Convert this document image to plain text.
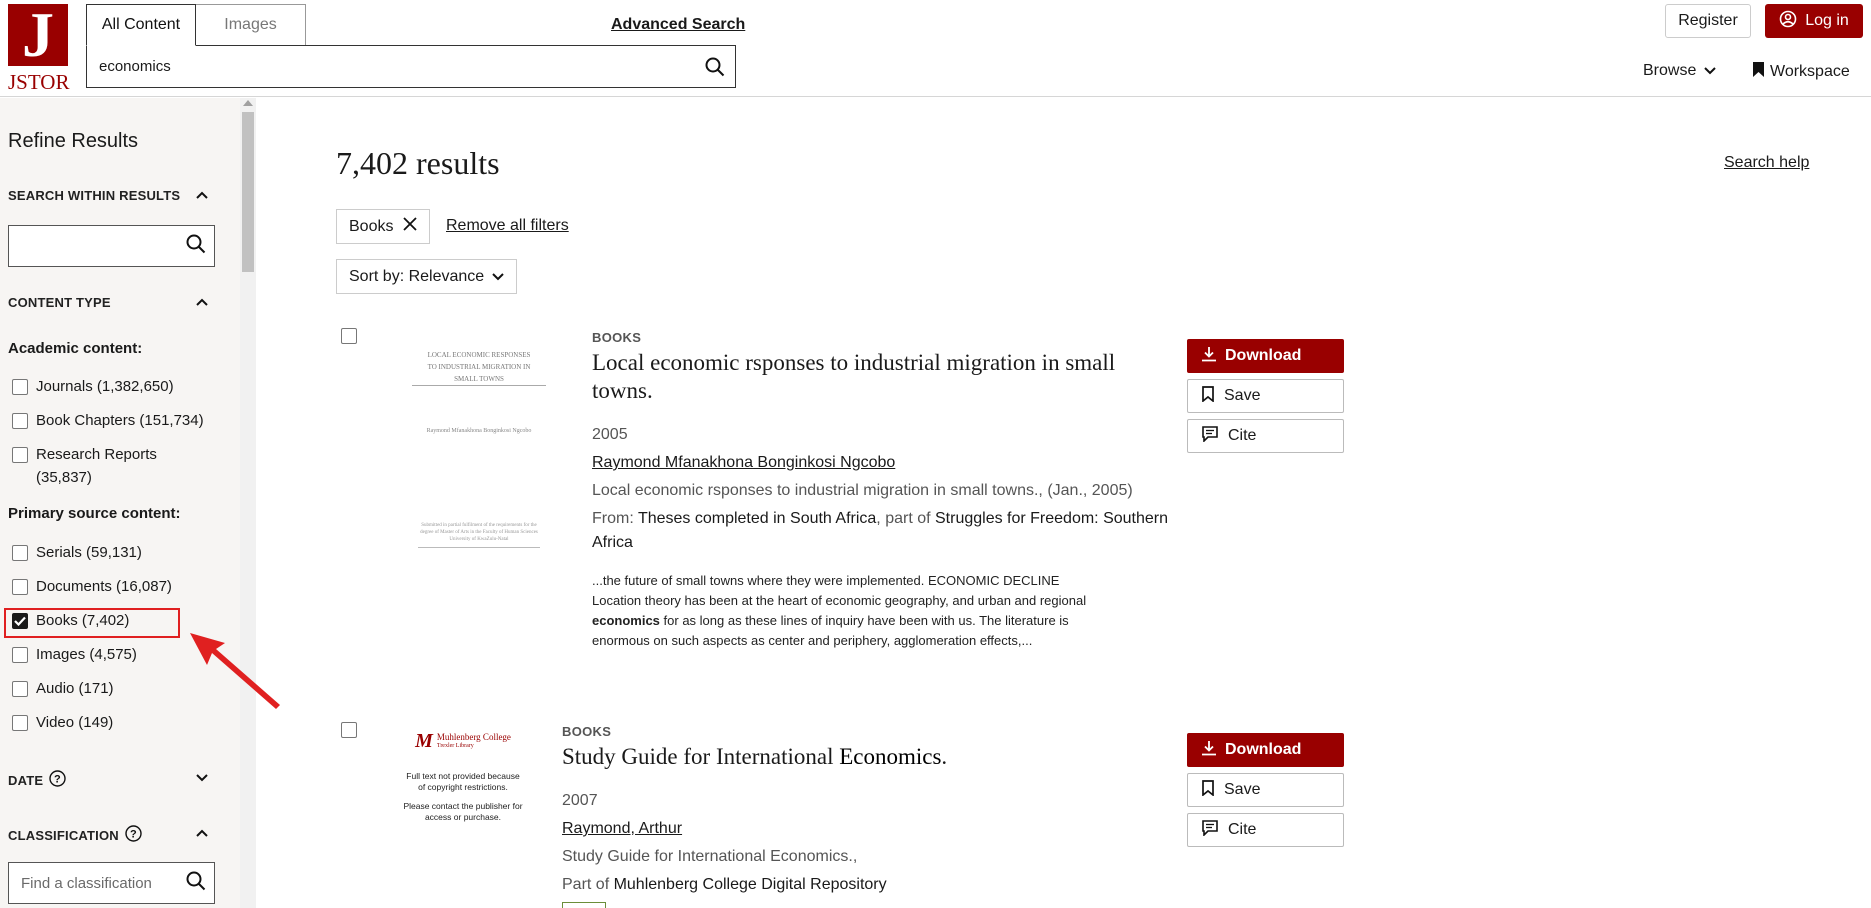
J
JSTOR
All Content	Images	Advanced Search
economics
Register	Log in
Browse	Workspace
Refine Results
SEARCH WITHIN RESULTS
CONTENT TYPE
Academic content:
Journals (1,382,650)
Book Chapters (151,734)
Research Reports (35,837)
Primary source content:
Serials (59,131)
Documents (16,087)
Books (7,402)
Images (4,575)
Audio (171)
Video (149)
DATE ?
CLASSIFICATION ?
Find a classification
7,402 results	Search help
Books	Remove all filters
Sort by: Relevance
LOCAL ECONOMIC RESPONSES TO INDUSTRIAL MIGRATION IN SMALL TOWNS
Raymond Mfanakhona Bonginkosi Ngcobo
Submitted in partial fulfilment of the requirements for the degree of Master of Arts in the Faculty of Human Sciences University of KwaZulu-Natal
BOOKS
Local economic rsponses to industrial migration in small towns.
2005
Raymond Mfanakhona Bonginkosi Ngcobo
Local economic rsponses to industrial migration in small towns., (Jan., 2005)
From: Theses completed in South Africa, part of Struggles for Freedom: Southern Africa
...the future of small towns where they were implemented. ECONOMIC DECLINE Location theory has been at the heart of economic geography, and urban and regional economics for as long as these lines of inquiry have been with us. The literature is enormous on such aspects as center and periphery, agglomeration effects,...
Download
Save
Cite
M Muhlenberg College
Trexler Library
Full text not provided because of copyright restrictions.
Please contact the publisher for access or purchase.
BOOKS
Study Guide for International Economics.
2007
Raymond, Arthur
Study Guide for International Economics.,
Part of Muhlenberg College Digital Repository
Download
Save
Cite
